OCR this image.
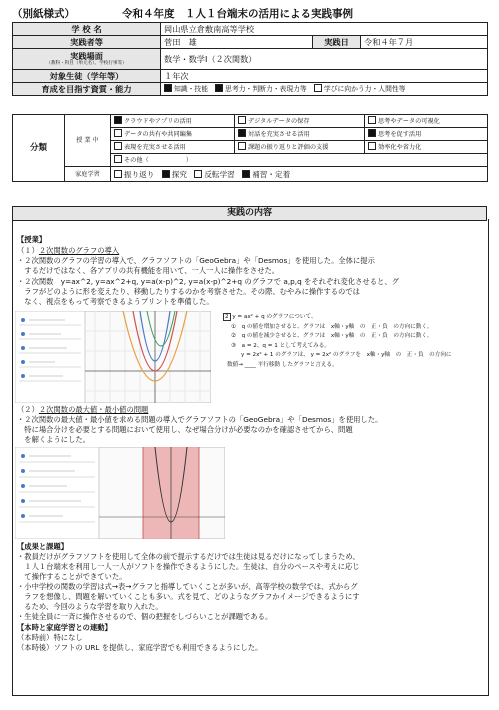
（別紙様式）	令和４年度　１人１台端末の活用による実践事例
学 校 名	岡山県立倉敷南高等学校		
実践者等	菅田　雄	実践日	令和４年７月
実践場面
（教科・科目（単元名）、学校行事等）	数学・数学Ⅰ（２次関数）		
対象生徒（学年等）	１年次		
育成を目指す資質・能力	知識・技能 思考力・判断力・表現力等 学びに向かう力・人間性等		
分類	授 業 中	クラウドやアプリの活用	デジタルデータの保存	思考やデータの可視化
		データの共有や共同編集	対話を充実させる活用	思考を促す活用
		表現を充実させる活用	課題の振り返りと評価の支援	効率化や省力化
		その他（　　　　　　）		
	家庭学習	振り返り 探究 反転学習 補習・定着		
実践の内容
【授業】
（１）２次関数のグラフの導入
・２次関数のグラフの学習の導入で、グラフソフトの「GeoGebra」や「Desmos」を使用した。全体に提示
　するだけではなく、各アプリの共有機能を用いて、一人一人に操作をさせた。
・２次関数　y=ax^2, y=ax^2+q, y=a(x-p)^2, y=a(x-p)^2+q のグラフで a,p,q をそれぞれ変化させると、グ
　ラフがどのように形を変えたり、移動したりするのかを考察させた。その際、むやみに操作するのでは
　なく、視点をもって考察できるようプリントを準備した。
2 y = ax² + q のグラフについて、
①　q の値を増加させると、グラフは　x軸・y軸　の　正・負　の方向に動く。
②　q の値を減少させると、グラフは　x軸・y軸　の　正・負　の方向に動く。
③　a = 2、q = 1 として考えてみる。
y = 2x² + 1 のグラフは、 y = 2x² のグラフを　x軸・y軸　の　正・負　の方向に
数値→ ____ 平行移動 したグラフと言える。
（２）２次関数の最大値・最小値の問題
・２次関数の最大値・最小値を求める問題の導入でグラフソフトの「GeoGebra」や「Desmos」を使用した。
　特に場合分けを必要とする問題において使用し、なぜ場合分けが必要なのかを確認させてから、問題
　を解くようにした。
【成果と課題】
・教員だけがグラフソフトを使用して全体の前で提示するだけでは生徒は見るだけになってしまうため、
　１人１台端末を利用し一人一人がソフトを操作できるようにした。生徒は、自分のペースや考えに応じ
　て操作することができていた。
・小中学校の関数の学習は式→表→グラフと指導していくことが多いが、高等学校の数学では、式からグ
　ラフを想像し、問題を解いていくことも多い。式を見て、どのようなグラフかイメージできるようにす
　るため、今回のような学習を取り入れた。
・生徒全員に一斉に操作させるので、個の把握をしづらいことが課題である。
【本時と家庭学習との連動】
（本時前）特になし
（本時後）ソフトの URL を提供し、家庭学習でも利用できるようにした。
